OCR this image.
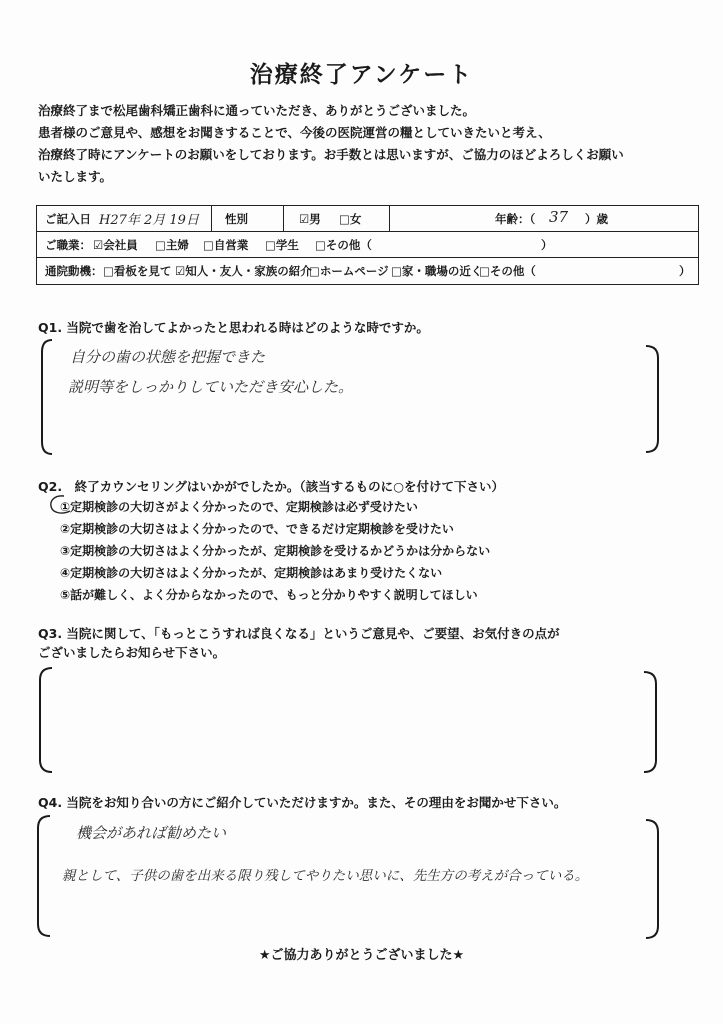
治療終了アンケート
治療終了まで松尾歯科矯正歯科に通っていただき、ありがとうございました。
患者様のご意見や、感想をお聞きすることで、今後の医院運営の糧としていきたいと考え、
治療終了時にアンケートのお願いをしております。お手数とは思いますが、ご協力のほどよろしくお願い
いたします。
ご記入日 H27年 2月 19日 性別	☑男 □女	年齢：（ 37 ）歳
ご職業： ☑会社員 □主婦 □自営業 □学生 □その他（	）
通院動機： □看板を見て ☑知人・友人・家族の紹介
□ホームページ □家・職場の近く
□その他（	）
Q1. 当院で歯を治してよかったと思われる時はどのような時ですか。
自分の歯の状態を把握できた
説明等をしっかりしていただき安心した。
Q2.　終了カウンセリングはいかがでしたか。（該当するものに○を付けて下さい）
①定期検診の大切さがよく分かったので、定期検診は必ず受けたい
②定期検診の大切さはよく分かったので、できるだけ定期検診を受けたい
③定期検診の大切さはよく分かったが、定期検診を受けるかどうかは分からない
④定期検診の大切さはよく分かったが、定期検診はあまり受けたくない
⑤話が難しく、よく分からなかったので、もっと分かりやすく説明してほしい
Q3. 当院に関して、「もっとこうすれば良くなる」というご意見や、ご要望、お気付きの点が
ございましたらお知らせ下さい。
Q4. 当院をお知り合いの方にご紹介していただけますか。また、その理由をお聞かせ下さい。
機会があれば勧めたい
親として、子供の歯を出来る限り残してやりたい思いに、先生方の考えが合っている。
★ご協力ありがとうございました★
